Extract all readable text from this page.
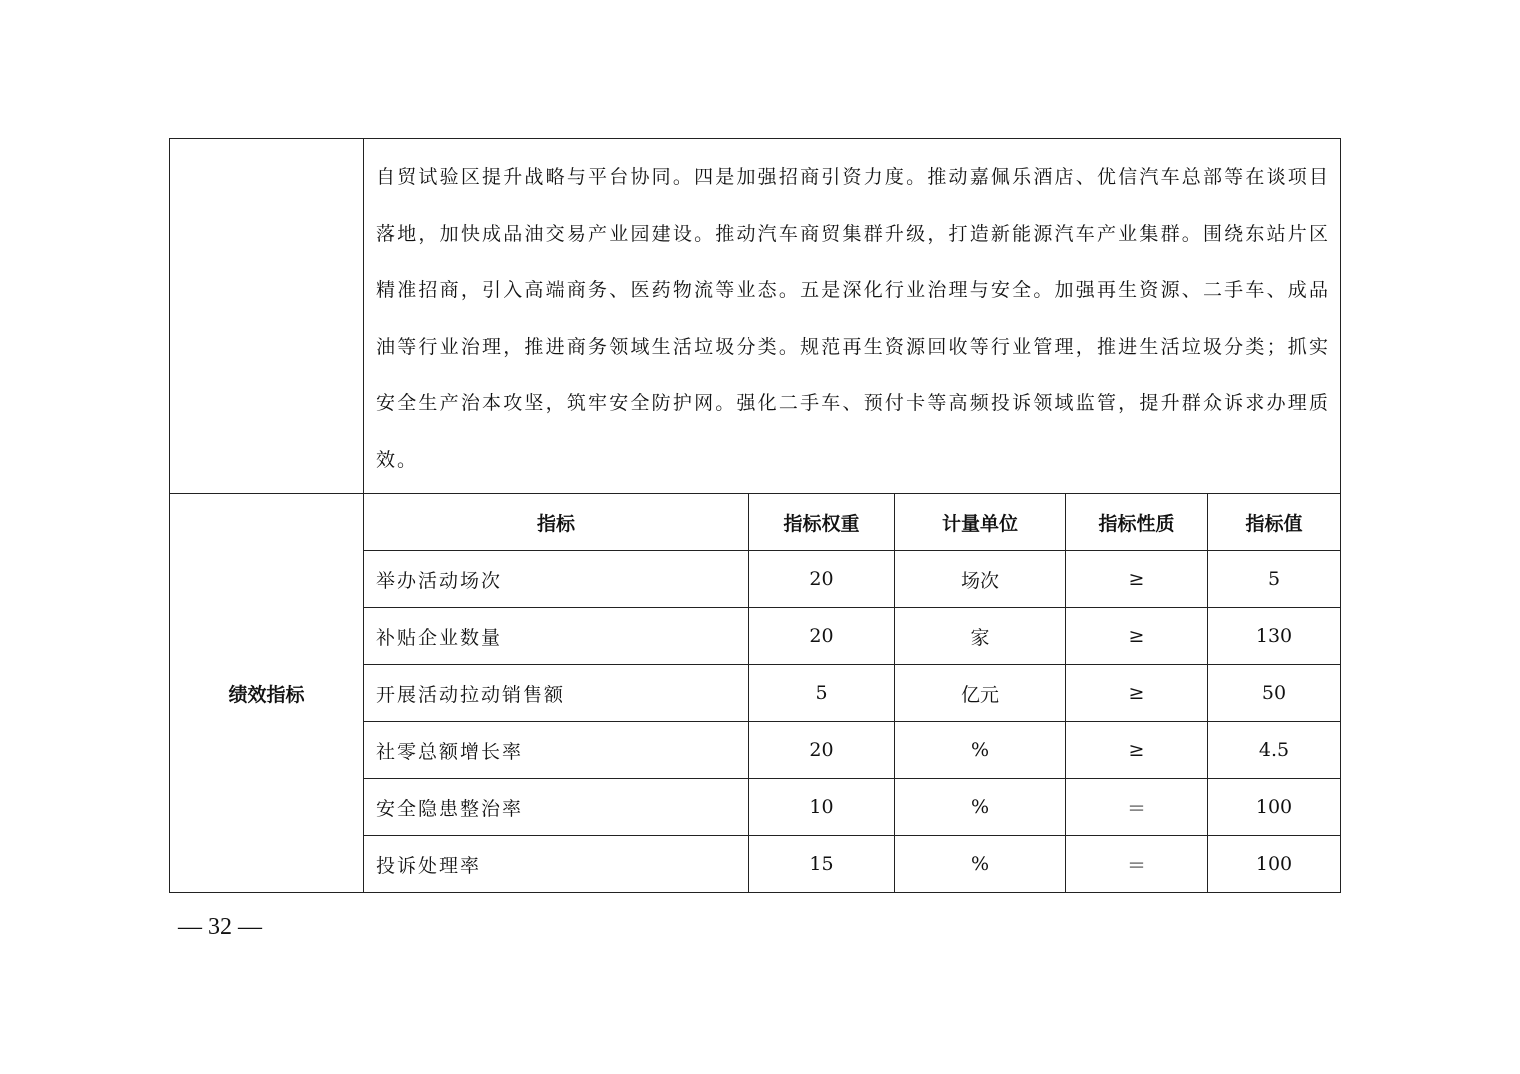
	自贸试验区提升战略与平台协同。四是加强招商引资力度。推动嘉佩乐酒店、优信汽车总部等在谈项目落地，加快成品油交易产业园建设。推动汽车商贸集群升级，打造新能源汽车产业集群。围绕东站片区精准招商，引入高端商务、医药物流等业态。五是深化行业治理与安全。加强再生资源、二手车、成品油等行业治理，推进商务领域生活垃圾分类。规范再生资源回收等行业管理，推进生活垃圾分类；抓实安全生产治本攻坚，筑牢安全防护网。强化二手车、预付卡等高频投诉领域监管，提升群众诉求办理质效。				
绩效指标	指标	指标权重	计量单位	指标性质	指标值
	举办活动场次	20	场次	≥	5
	补贴企业数量	20	家	≥	130
	开展活动拉动销售额	5	亿元	≥	50
	社零总额增长率	20	%	≥	4.5
	安全隐患整治率	10	%	＝	100
	投诉处理率	15	%	＝	100
— 32 —
